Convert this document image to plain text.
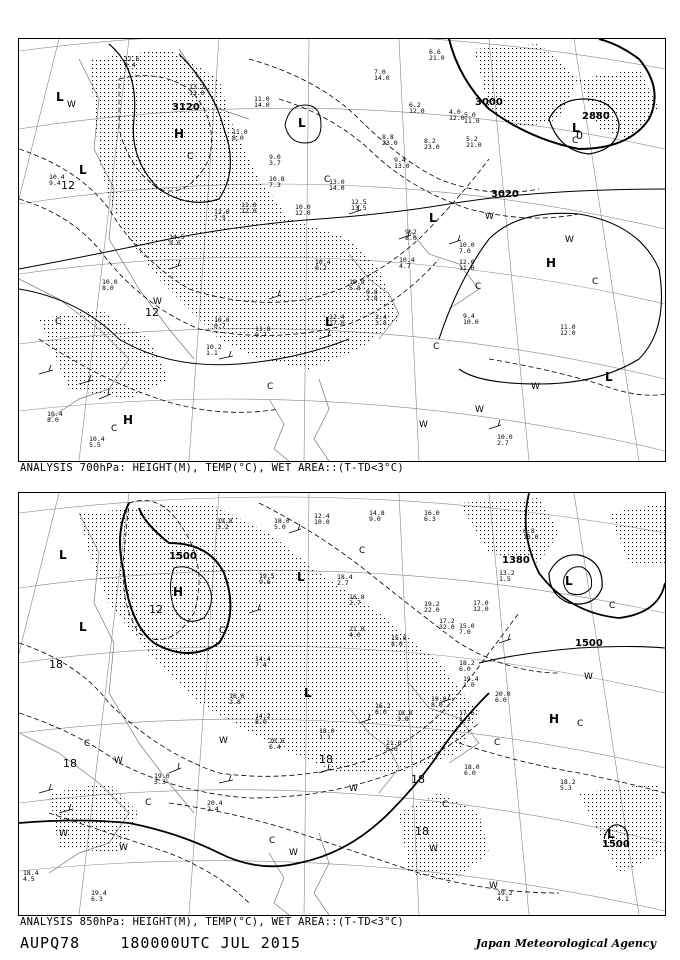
3120	3000
2880
3020
12
12
0
H
H
H
L
L
L	L
L
L
L
W
W
W
W
W
W
W
C
C
C
C
C	C
C
C
C
12.6
9.4
13.2
13.0
11.0
8.0
10.4
9.4
9.0
3.7
14.5
9.6
12.0
7.5
11.0
12.0
13.0
14.0
12.5
13.5
10.4
0.2
10.8
5.8
8.8
23.0	8.2
23.0
5.2
21.0
4.0
12.0
9.2
8.0
10.0
7.0
12.0
11.0
9.4
10.0
11.0
12.0
10.0
2.7
10.4
8.0
10.4
5.5
10.2
1.1
10.0
0.7	11.8
0.7
12.4
17.0
0.8
2.8
2.4
3.8
6.6
21.0
7.0
14.0
6.2
12.0	5.0
11.0
10.8
7.3
9.4
13.0
10.4
4.7
10.0
12.0
11.0
14.0
10.0
8.0
ANALYSIS 700hPa: HEIGHT(M), TEMP(°C), WET AREA::(T-TD<3°C)
1500	1380
1500
1500
18
18	18
18
18
12
H
H
L
L
L
L
L
L
W
W
W	W
W
W
W
W
W
C
C
C
C
C
C
C
C
C
12.4
10.0
18.0
5.0
16.0
6.3
19.2
22.0
17.2
32.0
14.8
9.0
18.2
6.0
15.0
7.0
17.0
12.0
19.4
1.0
20.0
6.0
17.6
1.3
18.0
6.0
18.2
5.3
19.2
4.1
18.4
4.5
19.4
6.3
20.4
2.4
21.0
6.0
19.0
8.0
14.4
7.4
16.6
2.8
14.2
8.0
18.0
1.1
16.2
6.0
19.0
3.3
20.6
6.4
18.4
2.7
19.5
9.6
19.8
3.2
13.2
1.5
15.6
8.0
16.8
2.7
21.0
4.0
18.8
3.8
6.8
13.0
ANALYSIS 850hPa: HEIGHT(M), TEMP(°C), WET AREA::(T-TD<3°C)
AUPQ78	180000UTC JUL 2015	Japan Meteorological Agency
